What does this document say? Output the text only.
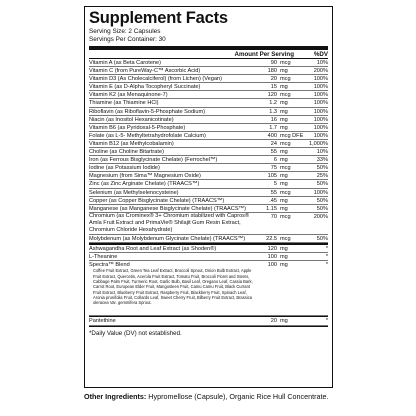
Supplement Facts
Serving Size: 2 Capsules
Servings Per Container: 30
Amount Per Serving	%DV
Vitamin A (as Beta Carotene)	90 mcg	10%
Vitamin C (from PureWay-C™ Ascorbic Acid)	180 mg	200%
Vitamin D3 (As Cholecalciferol) (from Lichen) (Vegan)	20 mcg	100%
Vitamin E (as D-Alpha Tocopheryl Succinate)	15 mg	100%
Vitamin K2 (as Menaquinone-7)	120 mcg	100%
Thiamine (as Thiamine HCl)	1.2 mg	100%
Riboflavin (as Riboflavin-5-Phosphate Sodium)	1.3 mg	100%
Niacin (as Inositol Hexanicotinate)	16 mg	100%
Vitamin B6 (as Pyridoxal-5-Phosphate)	1.7 mg	100%
Folate (as L-5- Methyltetrahydrofolate Calcium)	400 mcg DFE	100%
Vitamin B12 (as Methylcobalamin)	24 mcg	1,000%
Choline (as Choline Bitartrate)	55 mg	10%
Iron (as Ferrous Bisglycinate Chelate) (Ferrochel™)	6 mg	33%
Iodine (as Potassium Iodide)	75 mcg	50%
Magnesium (from Sima™ Magnesium Oxide)	105 mg	25%
Zinc (as Zinc Arginate Chelate) (TRAACS™)	5 mg	50%
Selenium (as Methylselenocysteine)	55 mcg	100%
Copper (as Copper Bisglycinate Chelate) (TRAACS™)	.45 mg	50%
Manganese (as Manganese Bisglycinate Chelate) (TRAACS™)	1.15 mg	50%
Chromium (as Crominex® 3+ Chromium stabilized with Capros® Amla Fruit Extract and PrimaVie® Shilajit Gum Resin Extract, Chromium Chloride Hexahydrate)
70 mcg	200%
Molybdenum (as Molybdenum Glycinate Chelate) (TRAACS™)	22.5 mcg	50%
Ashwagandha Root and Leaf Extract (as Shoden®)	120 mg	*
L-Theanine	100 mg	*
Spectra™ Blend
Coffee Fruit Extract, Green Tea Leaf Extract, Broccoli Sprout, Onion Bulb Extract, Apple Fruit Extract, Quercetin, Acerola Fruit Extract, Tomato Fruit, Broccoli Floret and Stems, Cabbage Palm Fruit, Turmeric Root, Garlic Bulb, Basil Leaf, Oregano Leaf, Cassia Bark, Carrot Root, European Elder Fruit, Mangosteen Fruit, Camu Camu Fruit, Black Currant Fruit Extract, Blueberry Fruit Extract, Raspberry Fruit, Blackberry Fruit, Spinach Leaf, Aronia prunifolia Fruit, Collards Leaf, Sweet Cherry Fruit, Bilberry Fruit Extract, Brassica oleracea Var. gemmifera Sprout.
100 mg	*
Pantethine	20 mg	*
*Daily Value (DV) not established.
Other Ingredients: Hypromellose (Capsule), Organic Rice Hull Concentrate.
